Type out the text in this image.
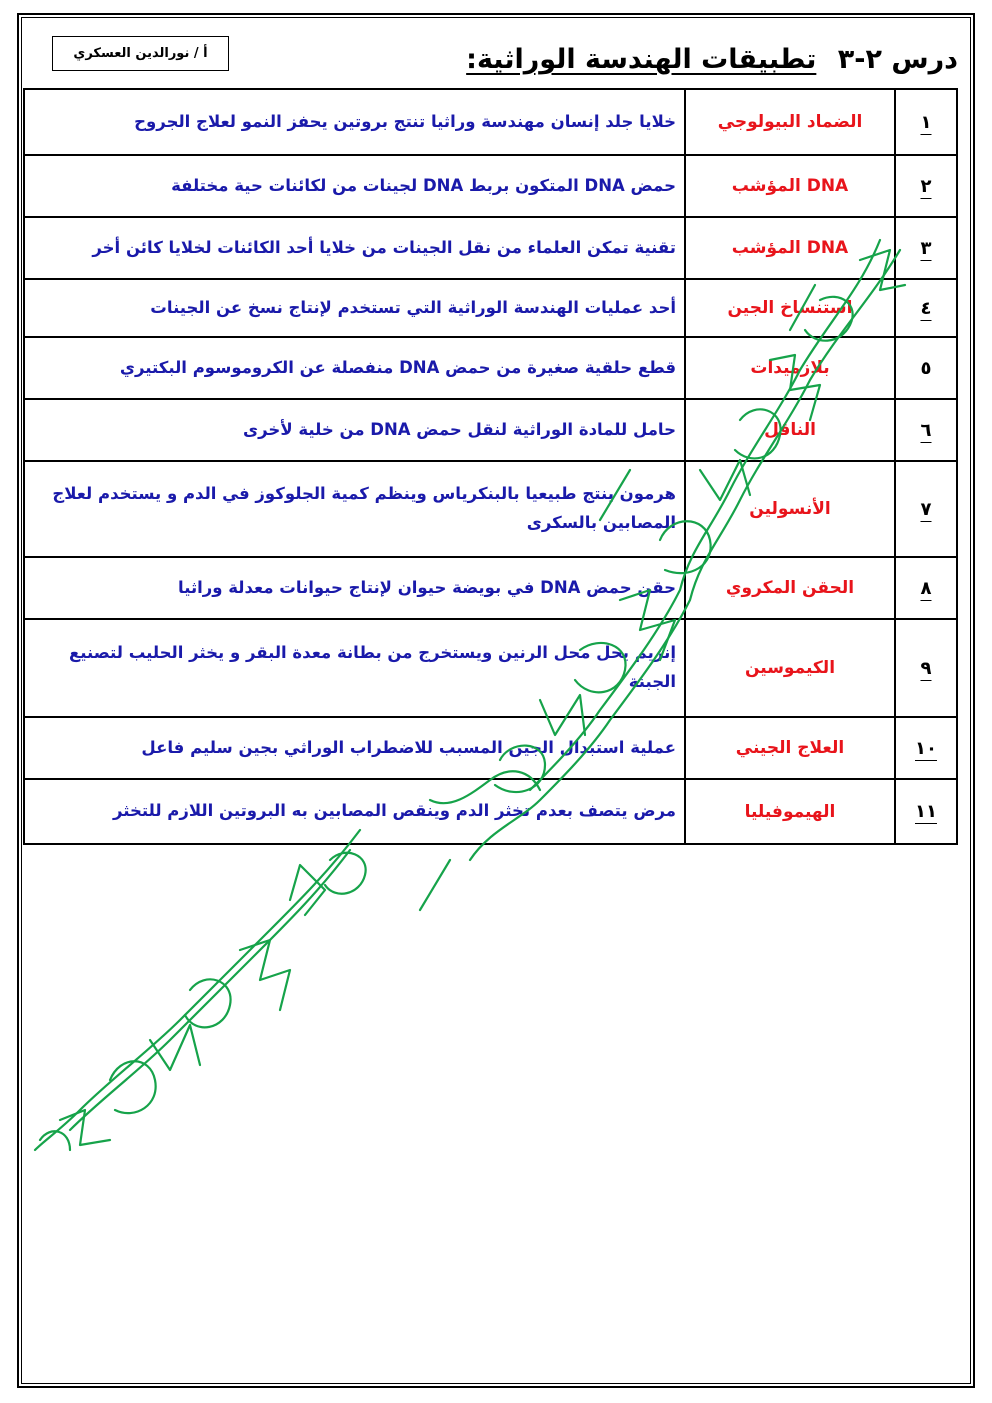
أ / نورالدين العسكري	درس ٢-٣ تطبيقات الهندسة الوراثية:
١	الضماد البيولوجي	خلايا جلد إنسان مهندسة وراثيا تنتج بروتين يحفز النمو لعلاج الجروح
٢	DNA المؤشب	حمض DNA المتكون بربط DNA لجينات من لكائنات حية مختلفة
٣	DNA المؤشب	تقنية تمكن العلماء من نقل الجينات من خلايا أحد الكائنات لخلايا كائن أخر
٤	استنساخ الجين	أحد عمليات الهندسة الوراثية التي تستخدم لإنتاج نسخ عن الجينات
٥	بلازميدات	قطع حلقية صغيرة من حمض DNA منفصلة عن الكروموسوم البكتيري
٦	الناقل	حامل للمادة الوراثية لنقل حمض DNA من خلية لأخرى
٧	الأنسولين	هرمون ينتج طبيعيا بالبنكرياس وينظم كمية الجلوكوز في الدم و يستخدم لعلاج المصابين بالسكرى
٨	الحقن المكروي	حقن حمض DNA في بويضة حيوان لإنتاج حيوانات معدلة وراثيا
٩	الكيموسين	إنزيم يحل محل الرنين ويستخرج من بطانة معدة البقر و يخثر الحليب لتصنيع الجبنة
١٠	العلاج الجيني	عملية استبدال الجين المسبب للاضطراب الوراثي بجين سليم فاعل
١١	الهيموفيليا	مرض يتصف بعدم تخثر الدم وينقص المصابين به البروتين اللازم للتخثر
